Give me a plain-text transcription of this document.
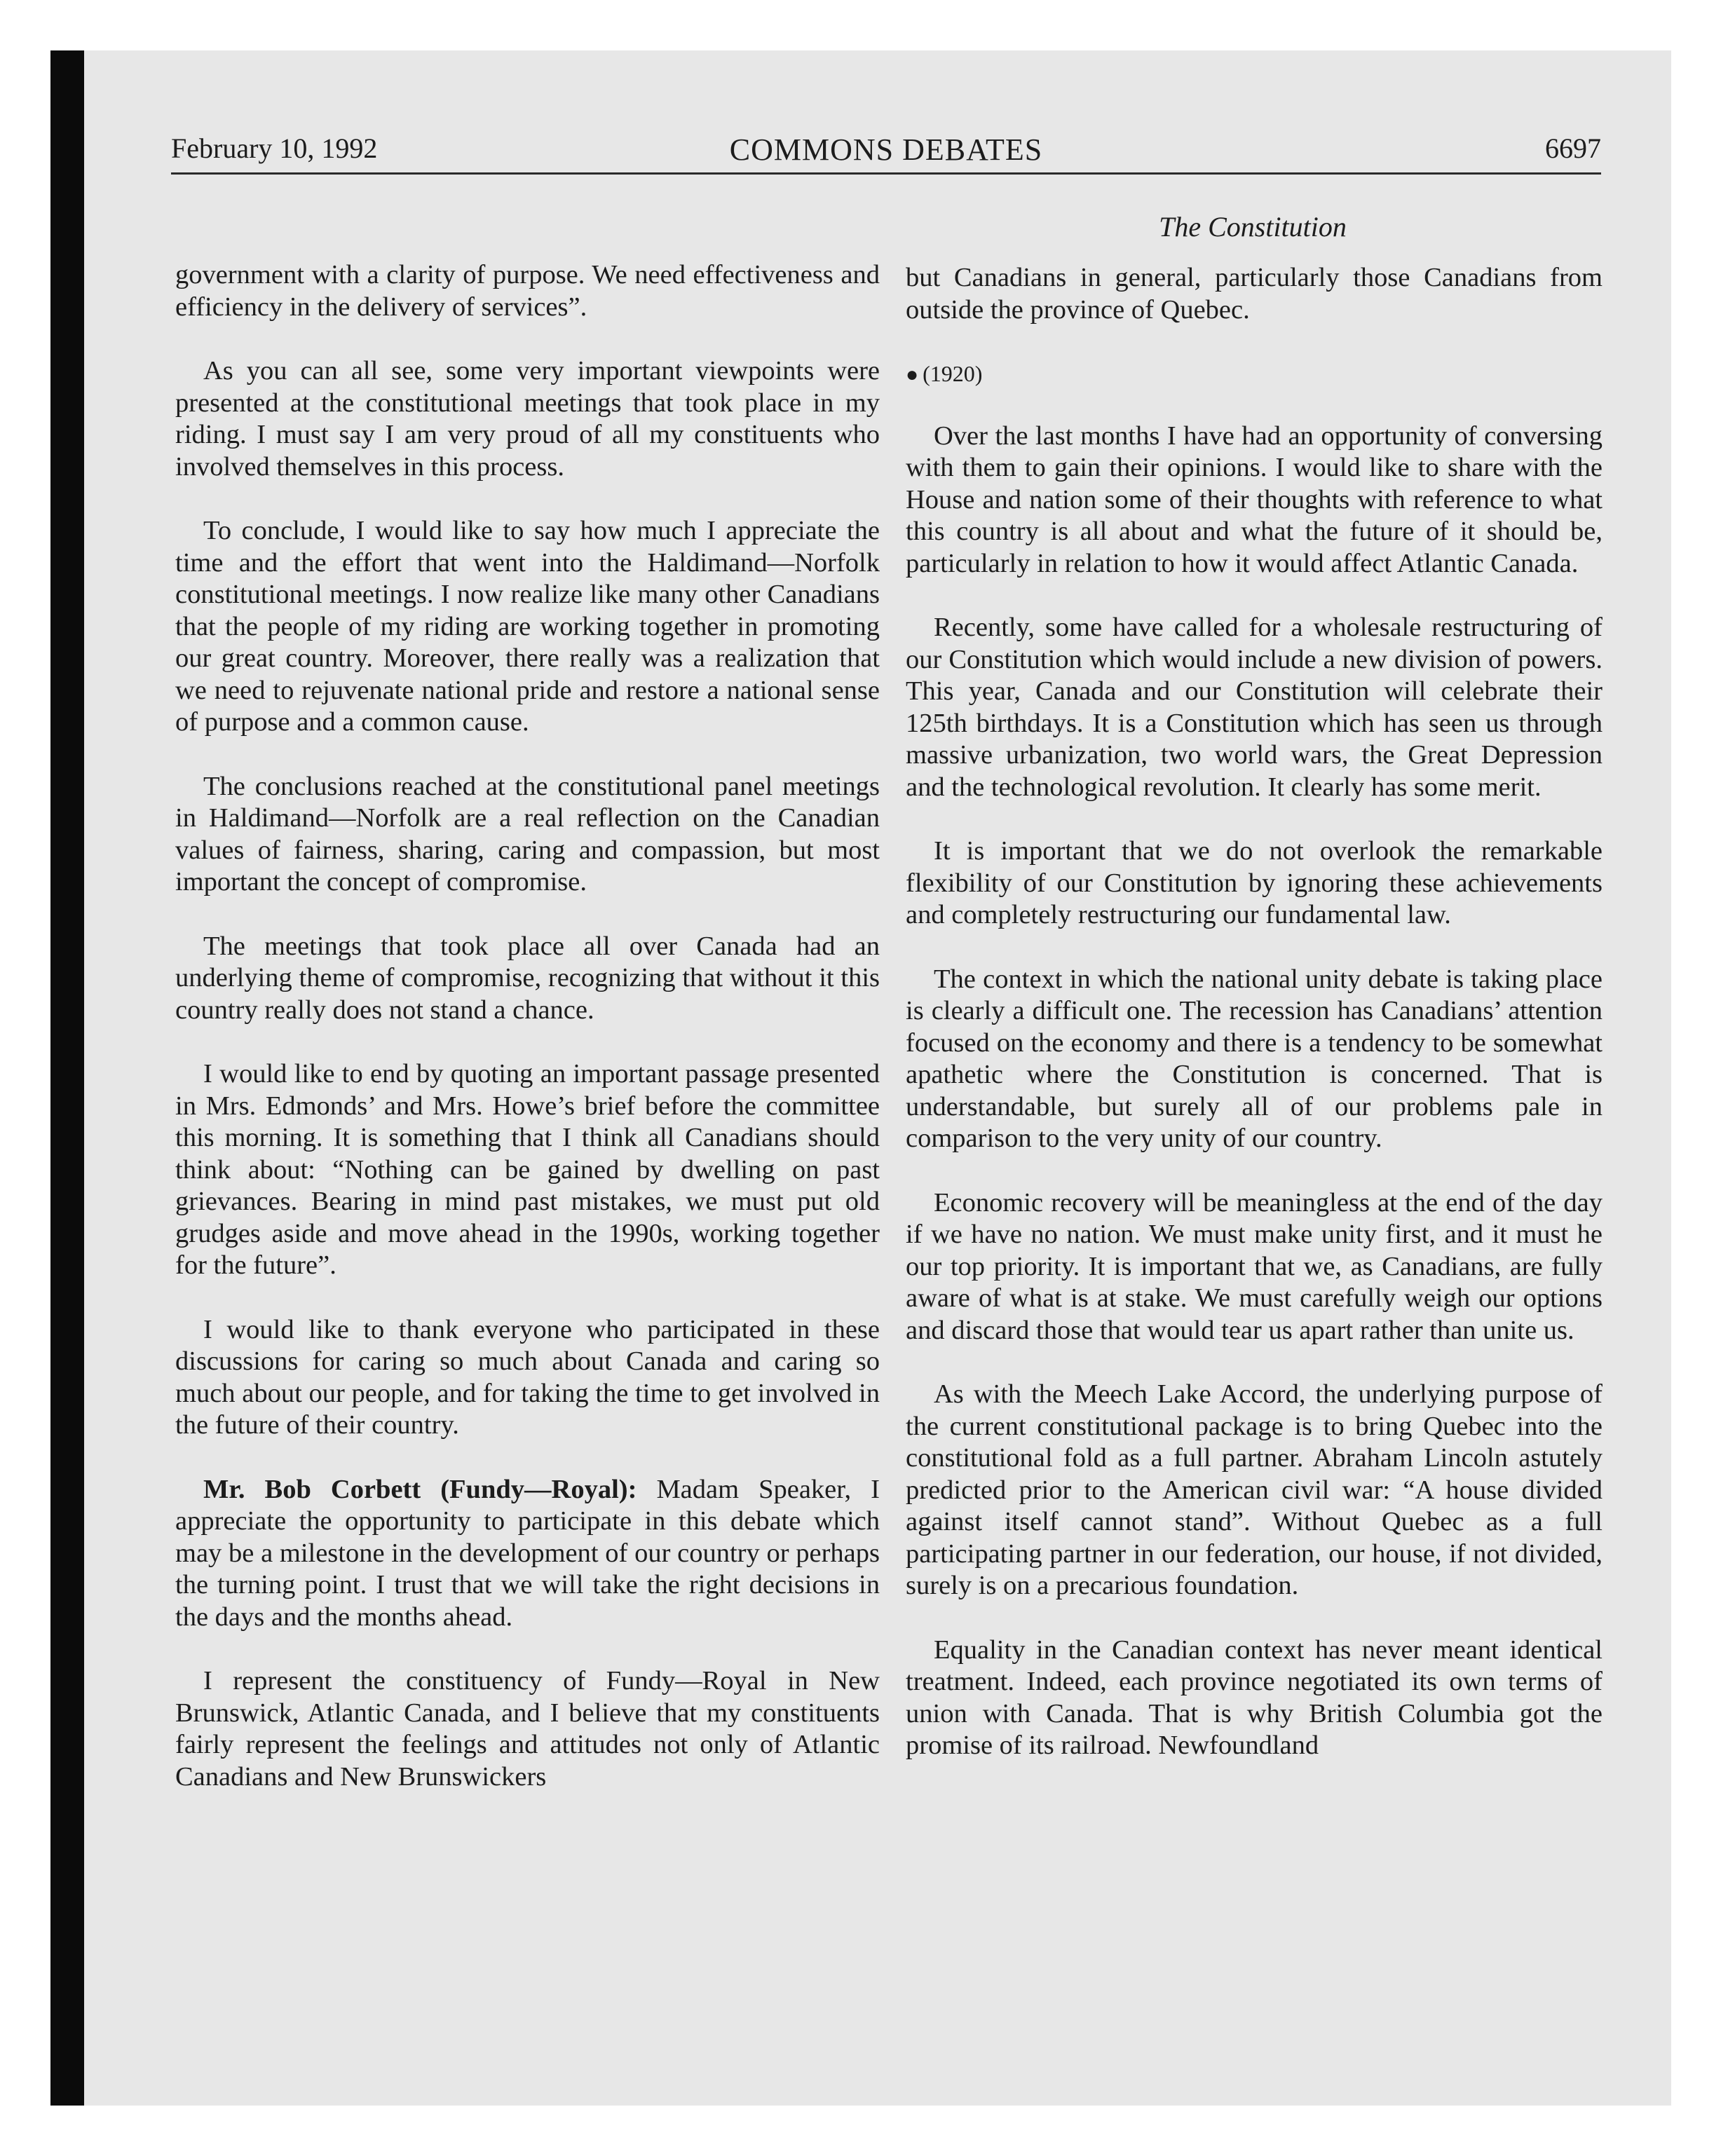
February 10, 1992	COMMONS DEBATES	6697
The Constitution

government with a clarity of purpose. We need effectiveness and efficiency in the delivery of services”.

As you can all see, some very important viewpoints were presented at the constitutional meetings that took place in my riding. I must say I am very proud of all my constituents who involved themselves in this process.

To conclude, I would like to say how much I appreciate the time and the effort that went into the Haldimand—Norfolk constitutional meetings. I now realize like many other Canadians that the people of my riding are working together in promoting our great country. Moreover, there really was a realization that we need to rejuvenate national pride and restore a national sense of purpose and a common cause.

The conclusions reached at the constitutional panel meetings in Haldimand—Norfolk are a real reflection on the Canadian values of fairness, sharing, caring and compassion, but most important the concept of compromise.

The meetings that took place all over Canada had an underlying theme of compromise, recognizing that without it this country really does not stand a chance.

I would like to end by quoting an important passage presented in Mrs. Edmonds’ and Mrs. Howe’s brief before the committee this morning. It is something that I think all Canadians should think about: “Nothing can be gained by dwelling on past grievances. Bearing in mind past mistakes, we must put old grudges aside and move ahead in the 1990s, working together for the future”.

I would like to thank everyone who participated in these discussions for caring so much about Canada and caring so much about our people, and for taking the time to get involved in the future of their country.

Mr. Bob Corbett (Fundy—Royal): Madam Speaker, I appreciate the opportunity to participate in this debate which may be a milestone in the development of our country or perhaps the turning point. I trust that we will take the right decisions in the days and the months ahead.

I represent the constituency of Fundy—Royal in New Brunswick, Atlantic Canada, and I believe that my constituents fairly represent the feelings and attitudes not only of Atlantic Canadians and New Brunswickers

but Canadians in general, particularly those Canadians from outside the province of Quebec.

● (1920)

Over the last months I have had an opportunity of conversing with them to gain their opinions. I would like to share with the House and nation some of their thoughts with reference to what this country is all about and what the future of it should be, particularly in relation to how it would affect Atlantic Canada.

Recently, some have called for a wholesale restructuring of our Constitution which would include a new division of powers. This year, Canada and our Constitution will celebrate their 125th birthdays. It is a Constitution which has seen us through massive urbanization, two world wars, the Great Depression and the technological revolution. It clearly has some merit.

It is important that we do not overlook the remarkable flexibility of our Constitution by ignoring these achievements and completely restructuring our fundamental law.

The context in which the national unity debate is taking place is clearly a difficult one. The recession has Canadians’ attention focused on the economy and there is a tendency to be somewhat apathetic where the Constitution is concerned. That is understandable, but surely all of our problems pale in comparison to the very unity of our country.

Economic recovery will be meaningless at the end of the day if we have no nation. We must make unity first, and it must he our top priority. It is important that we, as Canadians, are fully aware of what is at stake. We must carefully weigh our options and discard those that would tear us apart rather than unite us.

As with the Meech Lake Accord, the underlying purpose of the current constitutional package is to bring Quebec into the constitutional fold as a full partner. Abraham Lincoln astutely predicted prior to the American civil war: “A house divided against itself cannot stand”. Without Quebec as a full participating partner in our federation, our house, if not divided, surely is on a precarious foundation.

Equality in the Canadian context has never meant identical treatment. Indeed, each province negotiated its own terms of union with Canada. That is why British Columbia got the promise of its railroad. Newfoundland
